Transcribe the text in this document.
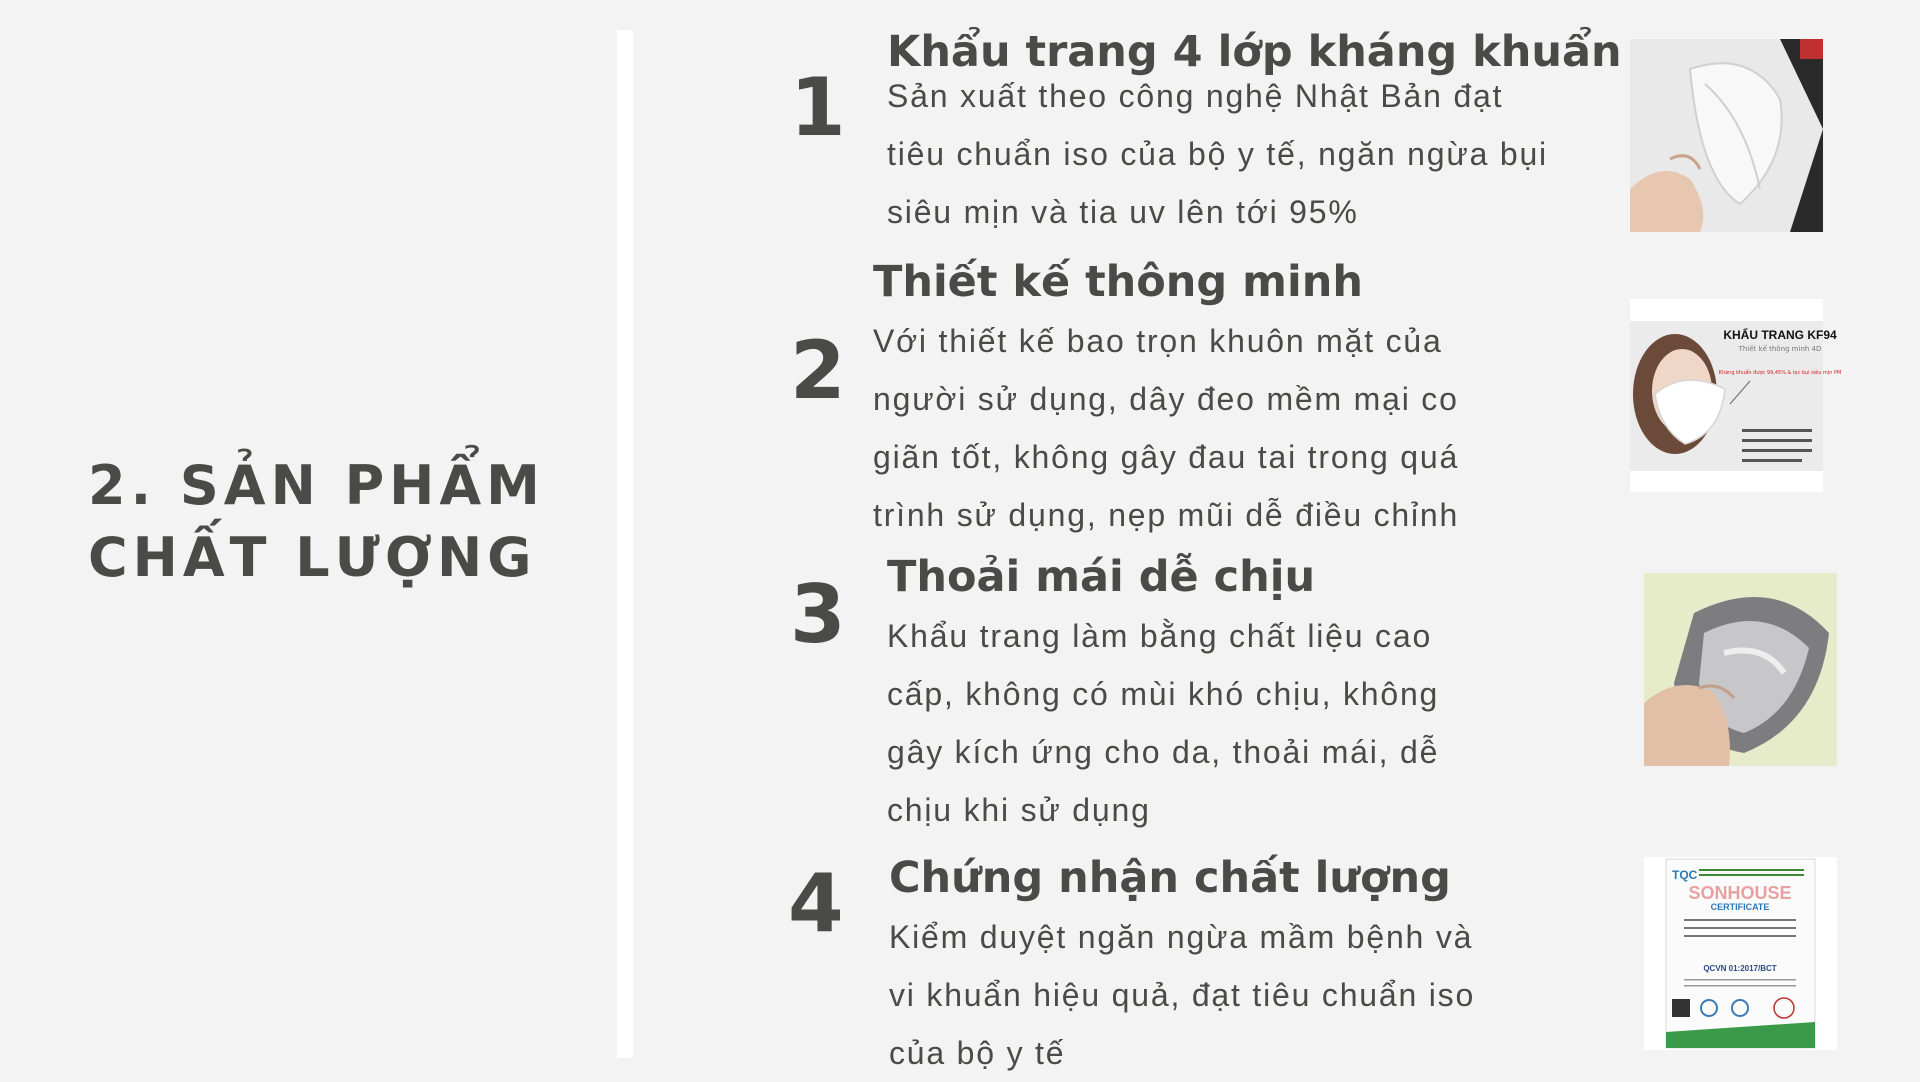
2. SẢN PHẨM
CHẤT LƯỢNG
1
Khẩu trang 4 lớp kháng khuẩn

Sản xuất theo công nghệ Nhật Bản đạt tiêu chuẩn iso của bộ y tế, ngăn ngừa bụi siêu mịn và tia uv lên tới 95%

2
Thiết kế thông minh

Với thiết kế bao trọn khuôn mặt của người sử dụng, dây đeo mềm mại co giãn tốt, không gây đau tai trong quá trình sử dụng, nẹp mũi dễ điều chỉnh

KHẨU TRANG KF94
Thiết kế thông minh 4D
Kháng khuẩn được 99,45% & lọc bụi siêu mịn PM
3 Thoải mái dễ chịu

Khẩu trang làm bằng chất liệu cao cấp, không có mùi khó chịu, không gây kích ứng cho da, thoải mái, dễ chịu khi sử dụng

4 Chứng nhận chất lượng

Kiểm duyệt ngăn ngừa mầm bệnh và vi khuẩn hiệu quả, đạt tiêu chuẩn iso của bộ y tế

TQC
SONHOUSE
CERTIFICATE
QCVN 01:2017/BCT
